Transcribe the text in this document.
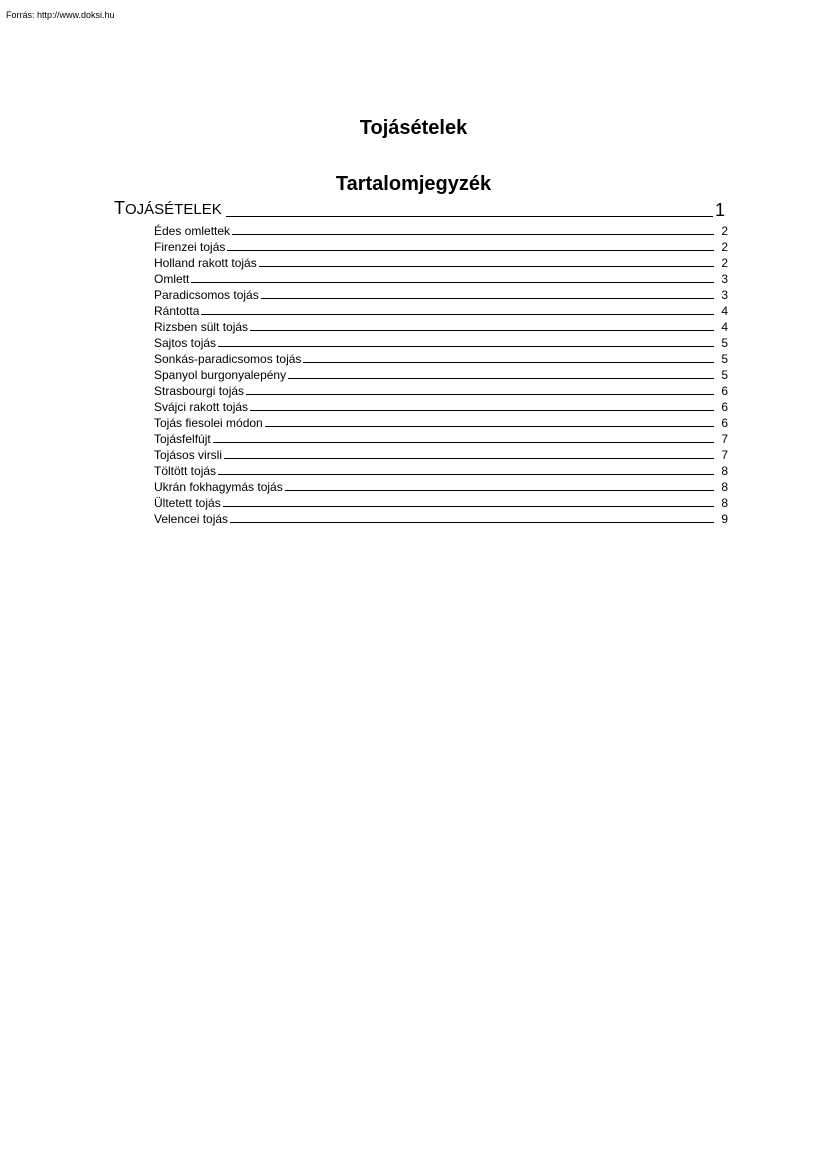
Forrás: http://www.doksi.hu
Tojásételek
Tartalomjegyzék
TOJÁSÉTELEK	1
Édes omlettek	2
Firenzei tojás	2
Holland rakott tojás	2
Omlett	3
Paradicsomos tojás	3
Rántotta	4
Rizsben sült tojás	4
Sajtos tojás	5
Sonkás-paradicsomos tojás	5
Spanyol burgonyalepény	5
Strasbourgi tojás	6
Svájci rakott tojás	6
Tojás fiesolei módon	6
Tojásfelfújt	7
Tojásos virsli	7
Töltött tojás	8
Ukrán fokhagymás tojás	8
Ültetett tojás	8
Velencei tojás	9
